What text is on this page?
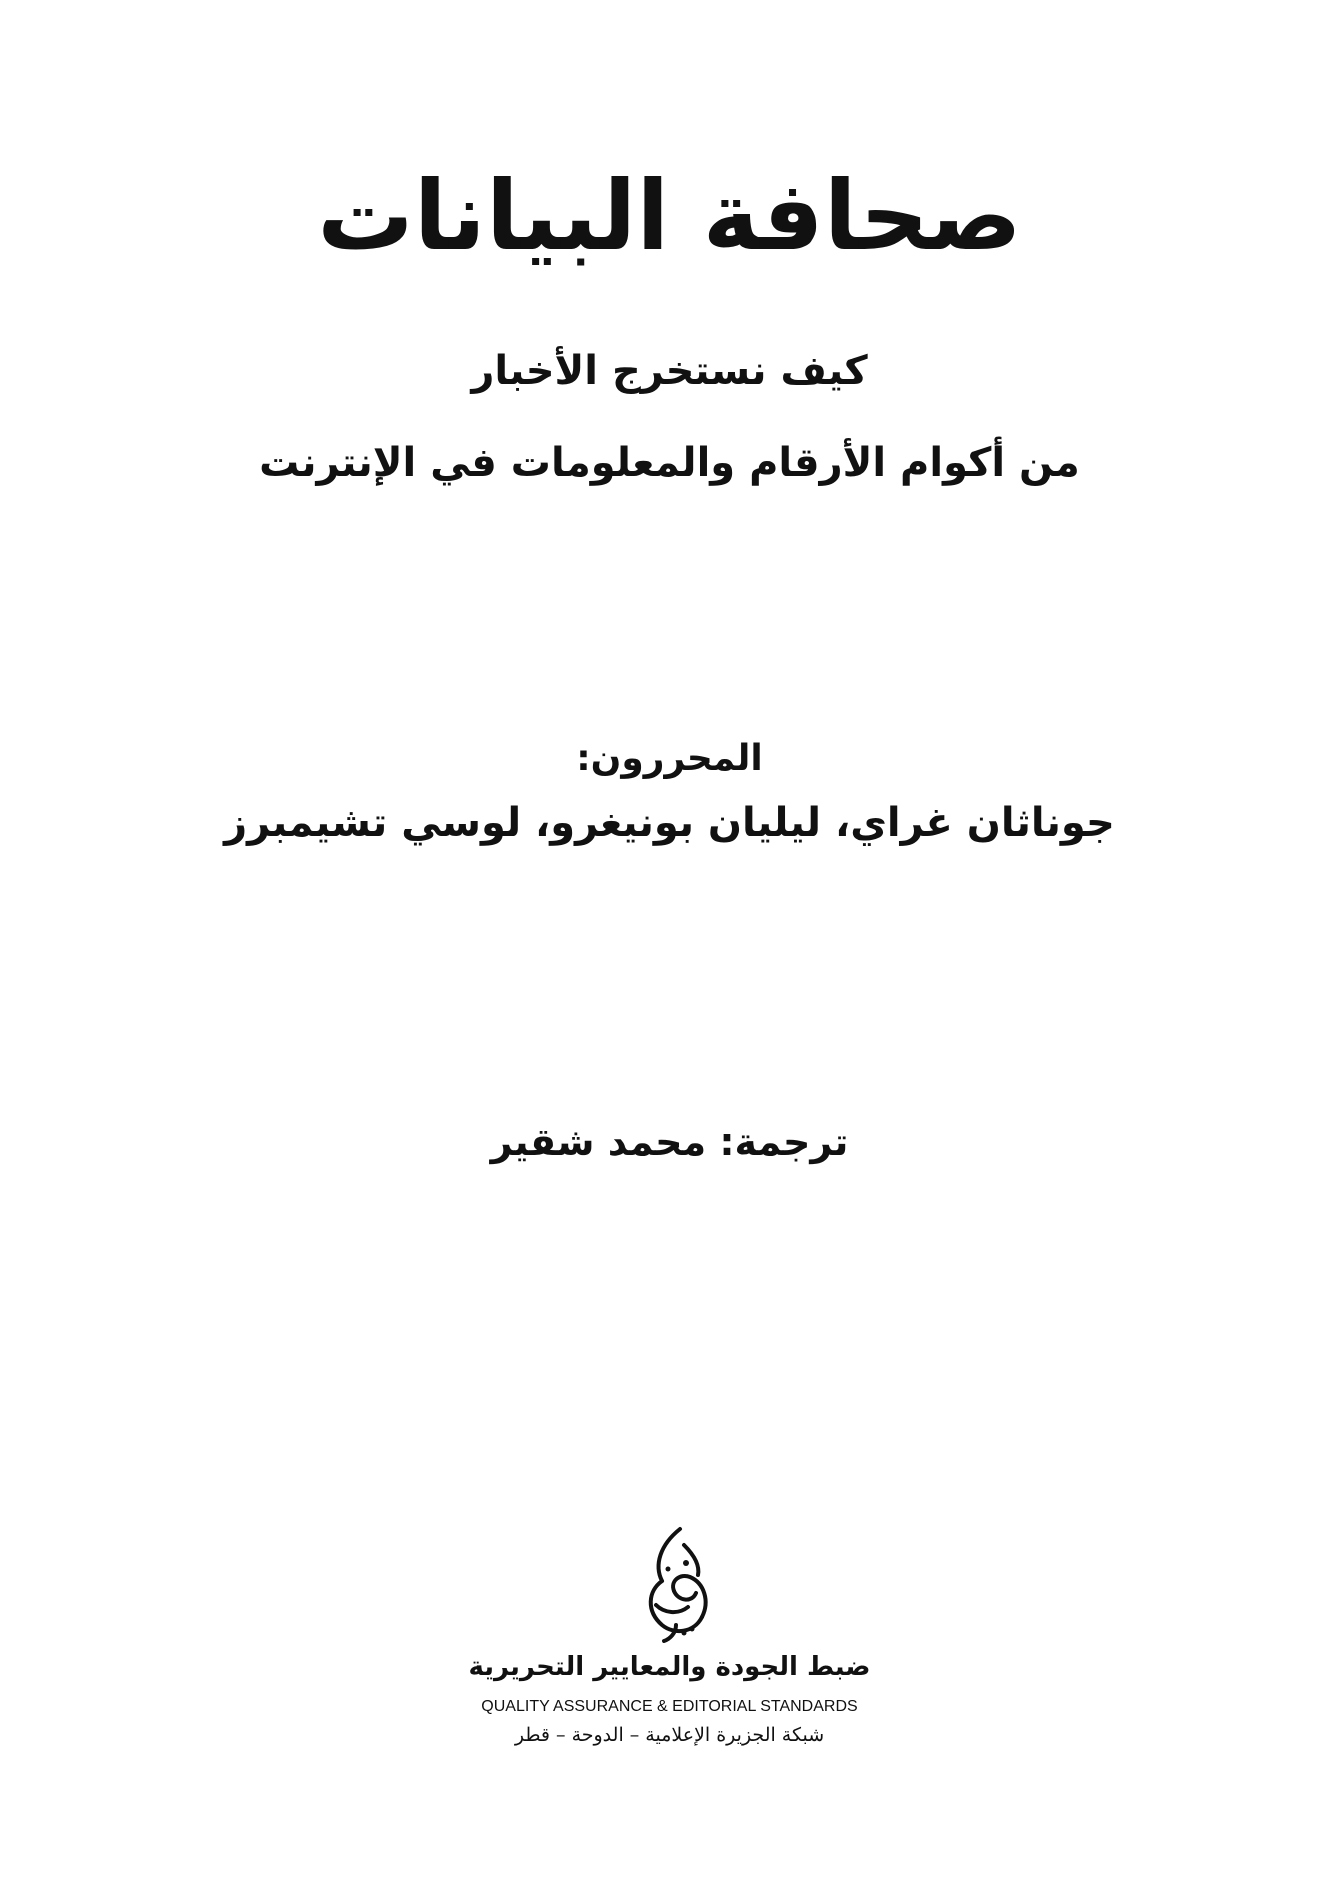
صحافة البيانات
كيف نستخرج الأخبار
من أكوام الأرقام والمعلومات في الإنترنت
المحررون:
جوناثان غراي، ليليان بونيغرو، لوسي تشيمبرز
ترجمة: محمد شقير
ضبط الجودة والمعايير التحريرية
QUALITY ASSURANCE & EDITORIAL STANDARDS
شبكة الجزيرة الإعلامية – الدوحة – قطر
